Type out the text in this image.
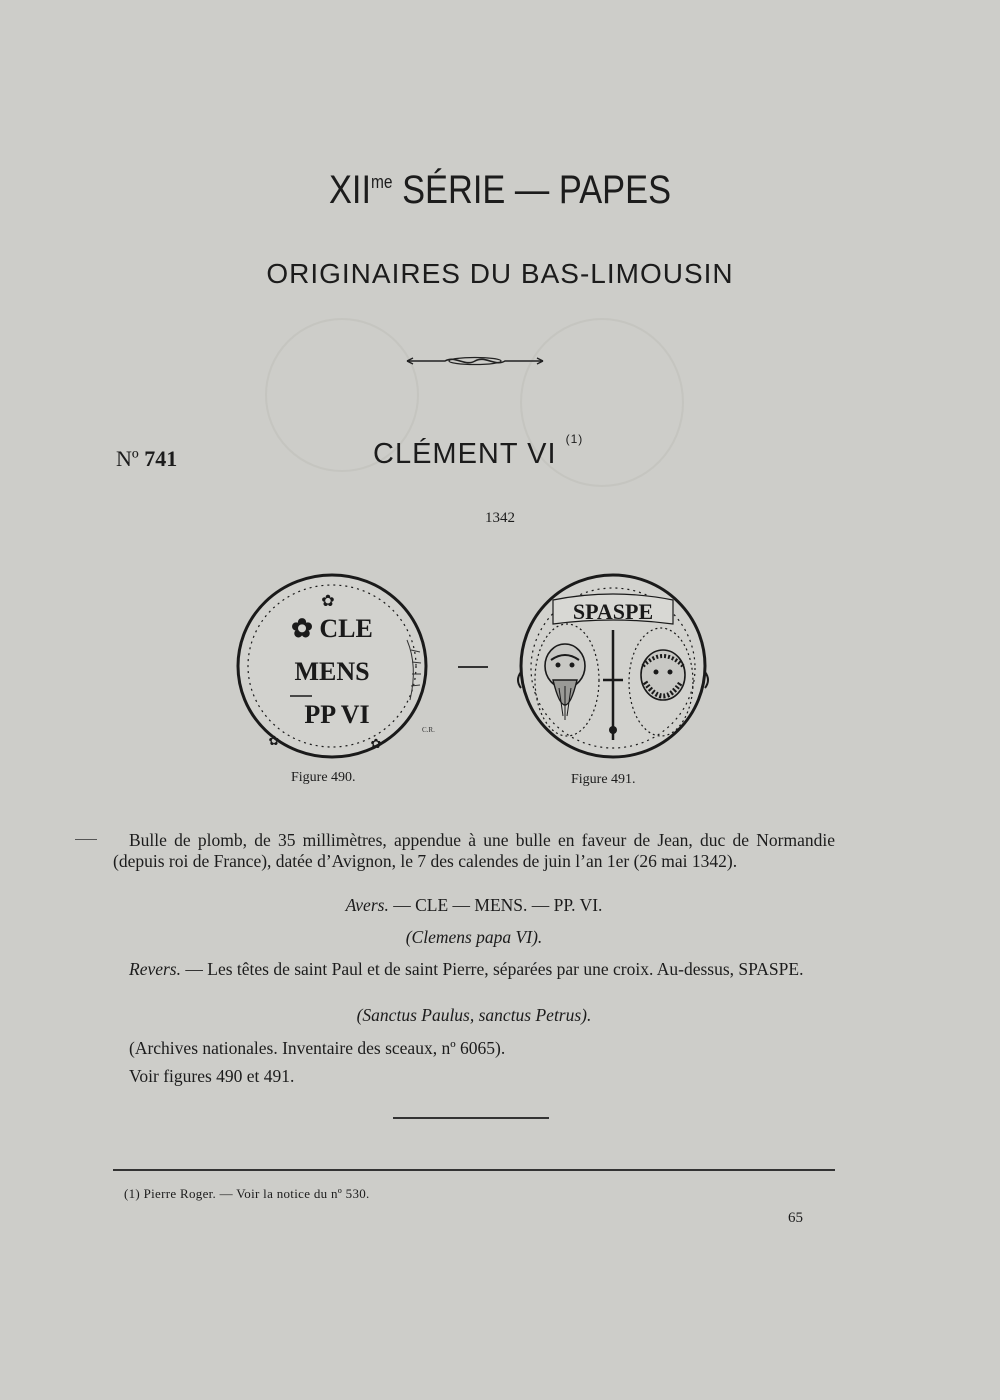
$XII^{me}$ SÉRIE — PAPES
ORIGINAIRES DU BAS-LIMOUSIN
Nº 741	CLÉMENT VI $^{(1)}$
1342
✿
✿ CLE
MENS
PP VI
✿	✿
C.R.
SPASPE
Figure 490.	Figure 491.

Bulle de plomb, de 35 millimètres, appendue à une bulle en faveur de Jean, duc de Normandie (depuis roi de France), datée d’Avignon, le 7 des calendes de juin l’an 1er (26 mai 1342).

Avers. — CLE — MENS. — PP. VI.

(Clemens papa VI).

Revers. — Les têtes de saint Paul et de saint Pierre, séparées par une croix. Au-dessus, SPASPE.

(Sanctus Paulus, sanctus Petrus).

(Archives nationales. Inventaire des sceaux, nº 6065).

Voir figures 490 et 491.

(1) Pierre Roger. — Voir la notice du nº 530.
65
